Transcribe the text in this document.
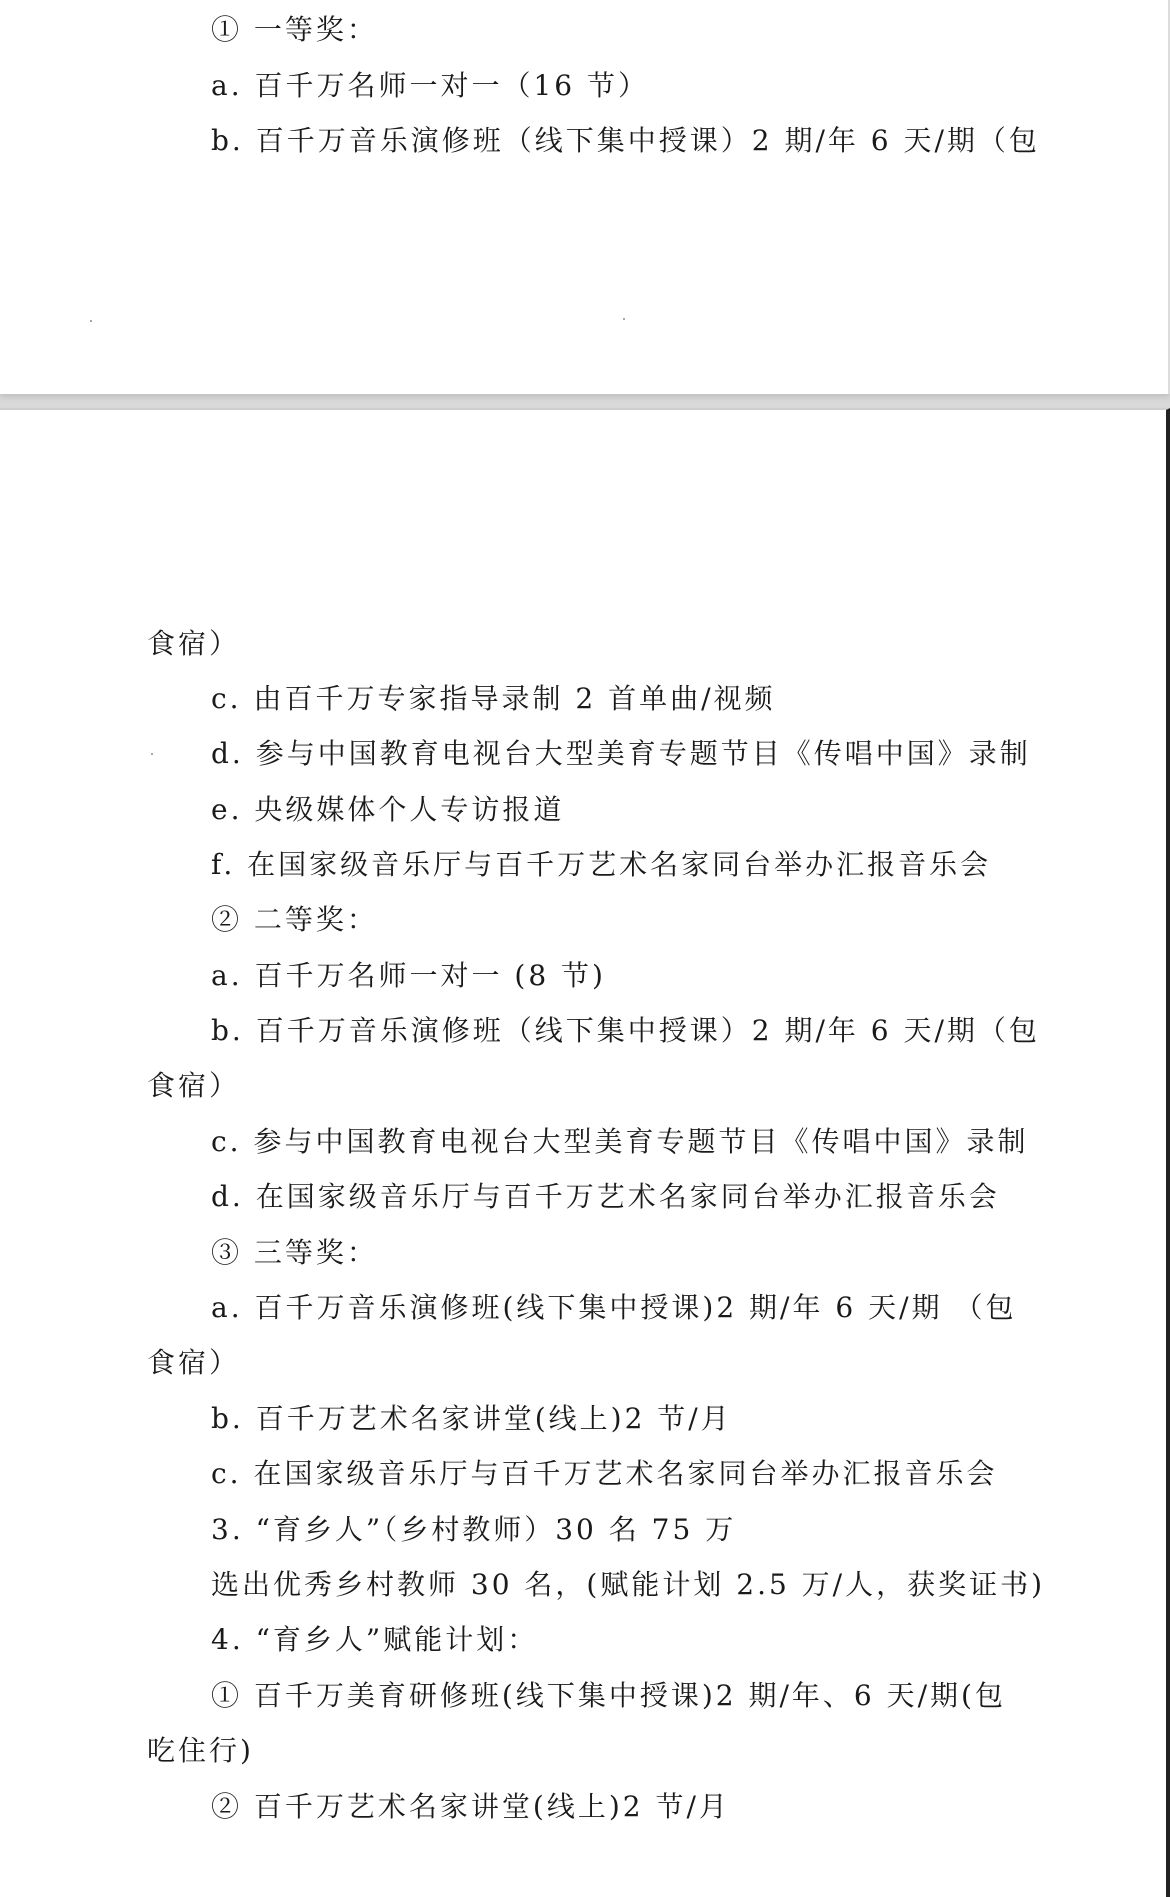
① 一等奖：
a. 百千万名师一对一（16 节）
b. 百千万音乐演修班（线下集中授课）2 期/年 6 天/期（包
食宿）
c. 由百千万专家指导录制 2 首单曲/视频
d. 参与中国教育电视台大型美育专题节目《传唱中国》录制
e. 央级媒体个人专访报道
f. 在国家级音乐厅与百千万艺术名家同台举办汇报音乐会
② 二等奖：
a. 百千万名师一对一 (8 节)
b. 百千万音乐演修班（线下集中授课）2 期/年 6 天/期（包
食宿）
c. 参与中国教育电视台大型美育专题节目《传唱中国》录制
d. 在国家级音乐厅与百千万艺术名家同台举办汇报音乐会
③ 三等奖：
a. 百千万音乐演修班(线下集中授课)2 期/年 6 天/期 （包
食宿）
b. 百千万艺术名家讲堂(线上)2 节/月
c. 在国家级音乐厅与百千万艺术名家同台举办汇报音乐会
3. “育乡人”（乡村教师）30 名 75 万
选出优秀乡村教师 30 名，(赋能计划 2.5 万/人，获奖证书)
4. “育乡人”赋能计划：
① 百千万美育研修班(线下集中授课)2 期/年、6 天/期(包
吃住行)
② 百千万艺术名家讲堂(线上)2 节/月
